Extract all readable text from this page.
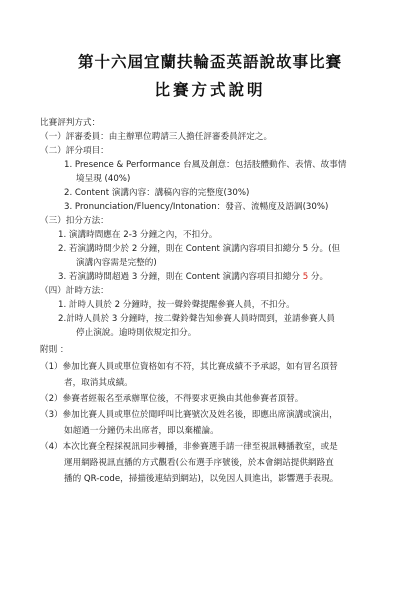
第十六屆宜蘭扶輪盃英語說故事比賽
比賽方式說明
比賽評判方式：
（一）評審委員：由主辦單位聘請三人擔任評審委員評定之。
（二）評分項目：
1. Presence & Performance 台風及創意：包括肢體動作、表情、故事情
境呈現 (40%)
2. Content 演講內容：講稿內容的完整度(30%)
3. Pronunciation/Fluency/Intonation：發音、流暢度及語調(30%)
（三）扣分方法：
1. 演講時間應在 2-3 分鐘之內，不扣分。
2. 若演講時間少於 2 分鐘，則在 Content 演講內容項目扣總分 5 分。(但
演講內容需是完整的)
3. 若演講時間超過 3 分鐘，則在 Content 演講內容項目扣總分 5 分。
（四）計時方法：
1. 計時人員於 2 分鐘時，按一聲鈴聲提醒參賽人員，不扣分。
2.計時人員於 3 分鐘時，按二聲鈴聲告知參賽人員時間到，並請參賽人員
停止演說。逾時則依規定扣分。
附則 ：
（1）參加比賽人員或單位資格如有不符，其比賽成績不予承認，如有冒名頂替
者，取消其成績。
（2）參賽者經報名至承辦單位後，不得要求更換由其他參賽者頂替。
（3）參加比賽人員或單位於聞呼叫比賽號次及姓名後，即應出席演講或演出，
如超過一分鐘仍未出席者，即以棄權論。
（4）本次比賽全程採視訊同步轉播，非參賽選手請一律至視訊轉播教室，或是
運用網路視訊直播的方式觀看(公布選手序號後，於本會網站提供網路直
播的 QR-code，掃描後連結到網站)，以免因人員進出，影響選手表現。
